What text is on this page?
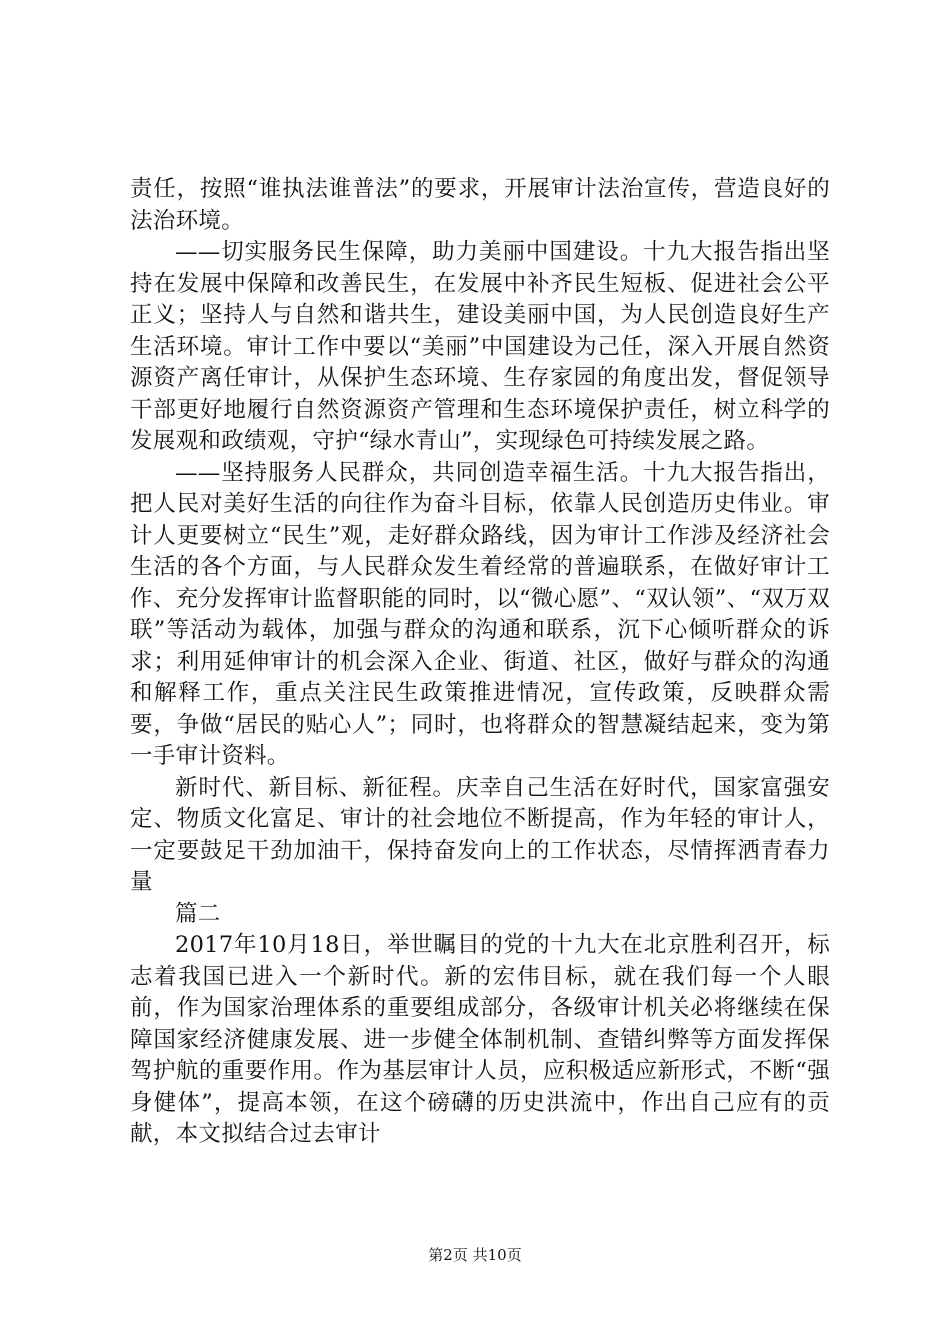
责任，按照“谁执法谁普法”的要求，开展审计法治宣传，营造良好的法治环境。

——切实服务民生保障，助力美丽中国建设。十九大报告指出坚持在发展中保障和改善民生，在发展中补齐民生短板、促进社会公平正义；坚持人与自然和谐共生，建设美丽中国，为人民创造良好生产生活环境。审计工作中要以“美丽”中国建设为己任，深入开展自然资源资产离任审计，从保护生态环境、生存家园的角度出发，督促领导干部更好地履行自然资源资产管理和生态环境保护责任，树立科学的发展观和政绩观，守护“绿水青山”，实现绿色可持续发展之路。

——坚持服务人民群众，共同创造幸福生活。十九大报告指出，把人民对美好生活的向往作为奋斗目标，依靠人民创造历史伟业。审计人更要树立“民生”观，走好群众路线，因为审计工作涉及经济社会生活的各个方面，与人民群众发生着经常的普遍联系，在做好审计工作、充分发挥审计监督职能的同时，以“微心愿”、“双认领”、“双万双联”等活动为载体，加强与群众的沟通和联系，沉下心倾听群众的诉求；利用延伸审计的机会深入企业、街道、社区，做好与群众的沟通和解释工作，重点关注民生政策推进情况，宣传政策，反映群众需要，争做“居民的贴心人”；同时，也将群众的智慧凝结起来，变为第一手审计资料。

新时代、新目标、新征程。庆幸自己生活在好时代，国家富强安定、物质文化富足、审计的社会地位不断提高，作为年轻的审计人，一定要鼓足干劲加油干，保持奋发向上的工作状态，尽情挥洒青春力量

篇二

2017年10月18日，举世瞩目的党的十九大在北京胜利召开，标志着我国已进入一个新时代。新的宏伟目标，就在我们每一个人眼前，作为国家治理体系的重要组成部分，各级审计机关必将继续在保障国家经济健康发展、进一步健全体制机制、查错纠弊等方面发挥保驾护航的重要作用。作为基层审计人员，应积极适应新形式，不断“强身健体”，提高本领，在这个磅礴的历史洪流中，作出自己应有的贡献，本文拟结合过去审计

第2页 共10页
